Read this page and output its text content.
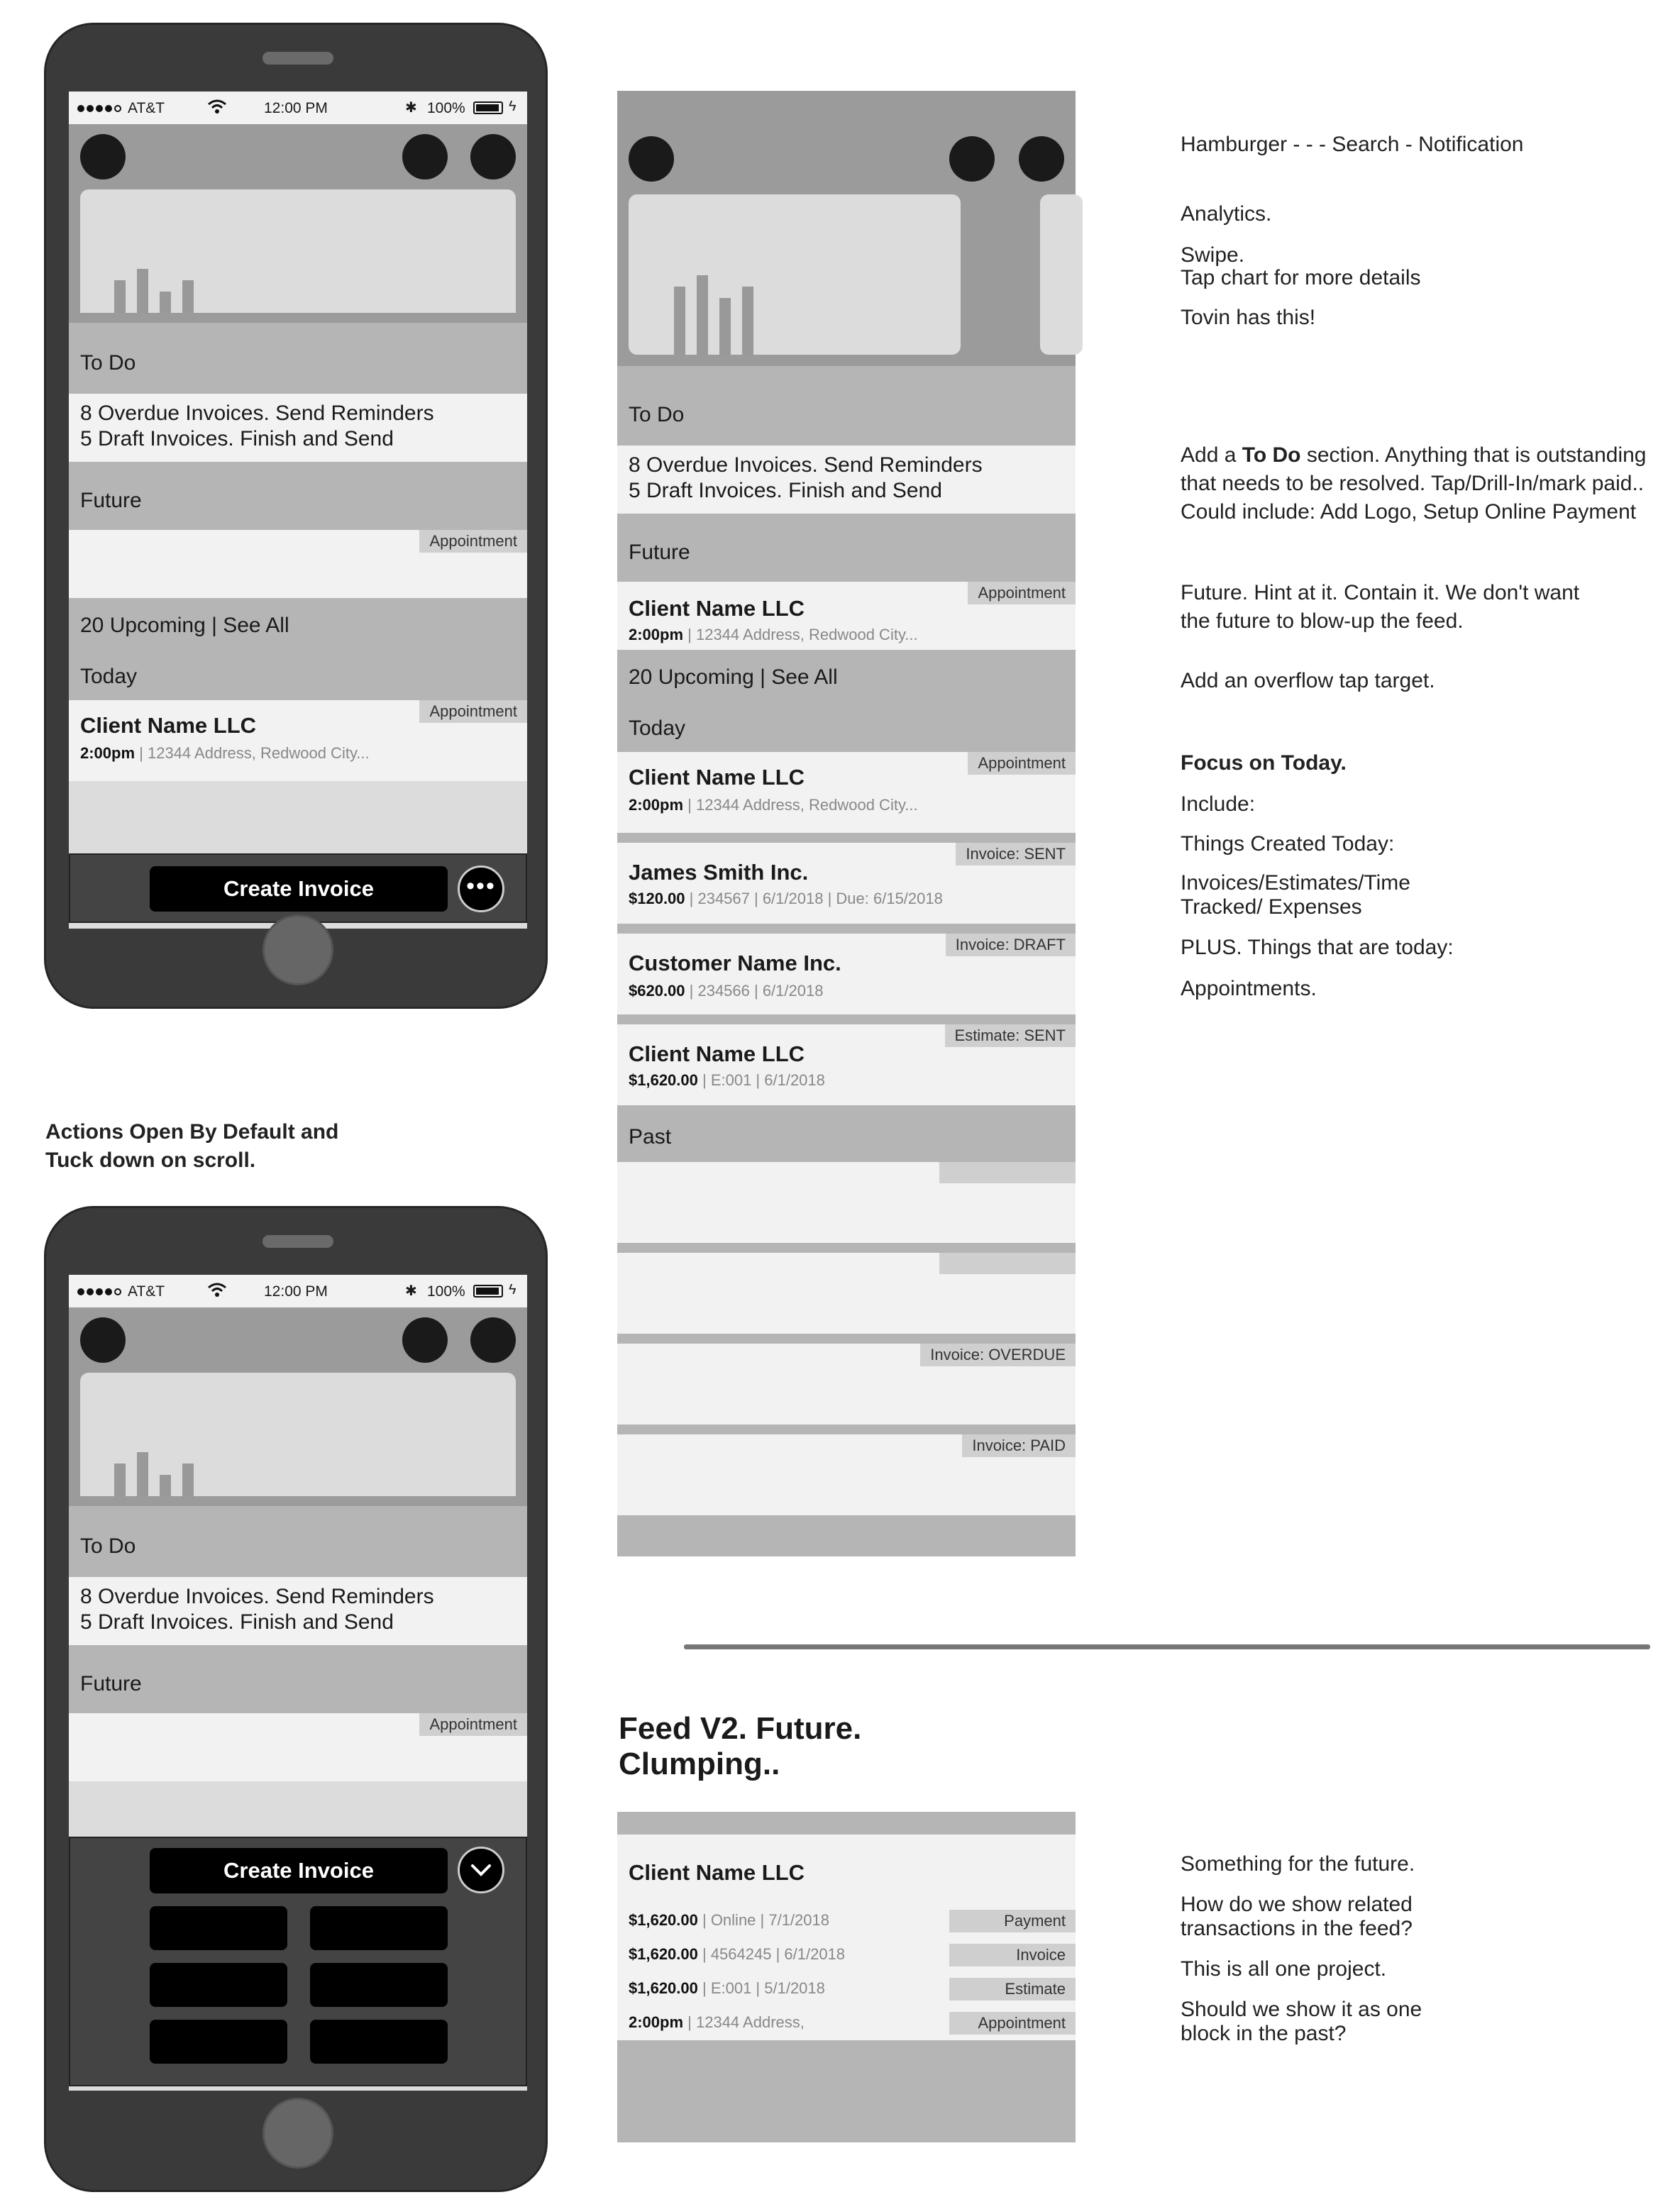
AT&T	12:00 PM	✱ 100%	ϟ
To Do
8 Overdue Invoices. Send Reminders
5 Draft Invoices. Finish and Send
Future
Appointment
20 Upcoming | See All
Today
Appointment
Client Name LLC
2:00pm | 12344 Address, Redwood City...
Create Invoice	•••
AT&T	12:00 PM	✱ 100%	ϟ
To Do
8 Overdue Invoices. Send Reminders
5 Draft Invoices. Finish and Send
Future
Appointment
Create Invoice
To Do
8 Overdue Invoices. Send Reminders
5 Draft Invoices. Finish and Send
Future
Appointment
Client Name LLC
2:00pm | 12344 Address, Redwood City...
20 Upcoming | See All
Today
Appointment
Client Name LLC
2:00pm | 12344 Address, Redwood City...
Invoice: SENT
James Smith Inc.
$120.00 | 234567 | 6/1/2018 | Due: 6/15/2018
Invoice: DRAFT
Customer Name Inc.
$620.00 | 234566 | 6/1/2018
Estimate: SENT
Client Name LLC
$1,620.00 | E:001 | 6/1/2018
Past
Invoice: OVERDUE
Invoice: PAID
Hamburger - - - Search - Notification
Analytics.
Swipe.
Tap chart for more details
Tovin has this!
Add a To Do section. Anything that is outstanding
that needs to be resolved. Tap/Drill-In/mark paid..
Could include: Add Logo, Setup Online Payment
Future. Hint at it. Contain it. We don't want
the future to blow-up the feed.
Add an overflow tap target.
Focus on Today.
Include:
Things Created Today:
Invoices/Estimates/Time
Tracked/ Expenses
PLUS. Things that are today:
Appointments.
Actions Open By Default and
Tuck down on scroll.
Feed V2. Future.
Clumping..
Client Name LLC
$1,620.00 | Online | 7/1/2018	Payment
$1,620.00 | 4564245 | 6/1/2018	Invoice
$1,620.00 | E:001 | 5/1/2018	Estimate
2:00pm | 12344 Address,	Appointment
Something for the future.
How do we show related
transactions in the feed?
This is all one project.
Should we show it as one
block in the past?
